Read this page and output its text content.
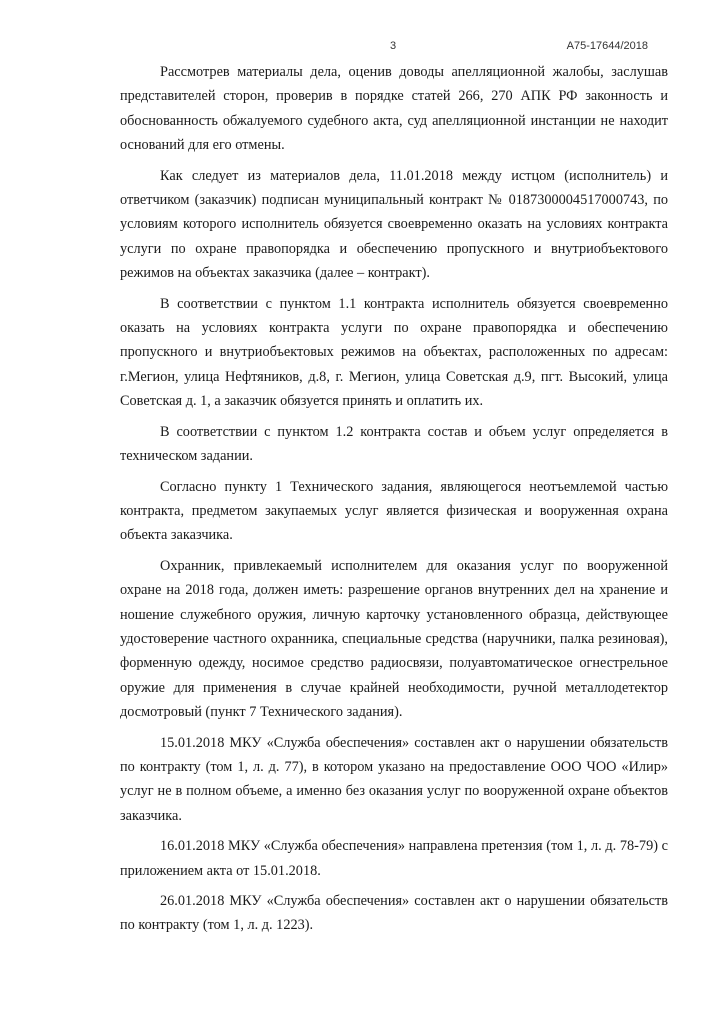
3	А75-17644/2018

Рассмотрев материалы дела, оценив доводы апелляционной жалобы, заслушав представителей сторон, проверив в порядке статей 266, 270 АПК РФ законность и обоснованность обжалуемого судебного акта, суд апелляционной инстанции не находит оснований для его отмены.

Как следует из материалов дела, 11.01.2018 между истцом (исполнитель) и ответчиком (заказчик) подписан муниципальный контракт № 0187300004517000743, по условиям которого исполнитель обязуется своевременно оказать на условиях контракта услуги по охране правопорядка и обеспечению пропускного и внутриобъектового режимов на объектах заказчика (далее – контракт).

В соответствии с пунктом 1.1 контракта исполнитель обязуется своевременно оказать на условиях контракта услуги по охране правопорядка и обеспечению пропускного и внутриобъектовых режимов на объектах, расположенных по адресам: г.Мегион, улица Нефтяников, д.8, г. Мегион, улица Советская д.9, пгт. Высокий, улица Советская д. 1, а заказчик обязуется принять и оплатить их.

В соответствии с пунктом 1.2 контракта состав и объем услуг определяется в техническом задании.

Согласно пункту 1 Технического задания, являющегося неотъемлемой частью контракта, предметом закупаемых услуг является физическая и вооруженная охрана объекта заказчика.

Охранник, привлекаемый исполнителем для оказания услуг по вооруженной охране на 2018 года, должен иметь: разрешение органов внутренних дел на хранение и ношение служебного оружия, личную карточку установленного образца, действующее удостоверение частного охранника, специальные средства (наручники, палка резиновая), форменную одежду, носимое средство радиосвязи, полуавтоматическое огнестрельное оружие для применения в случае крайней необходимости, ручной металлодетектор досмотровый (пункт 7 Технического задания).

15.01.2018 МКУ «Служба обеспечения» составлен акт о нарушении обязательств по контракту (том 1, л. д. 77), в котором указано на предоставление ООО ЧОО «Илир» услуг не в полном объеме, а именно без оказания услуг по вооруженной охране объектов заказчика.

16.01.2018 МКУ «Служба обеспечения» направлена претензия (том 1, л. д. 78-79) с приложением акта от 15.01.2018.

26.01.2018 МКУ «Служба обеспечения» составлен акт о нарушении обязательств по контракту (том 1, л. д. 1223).
